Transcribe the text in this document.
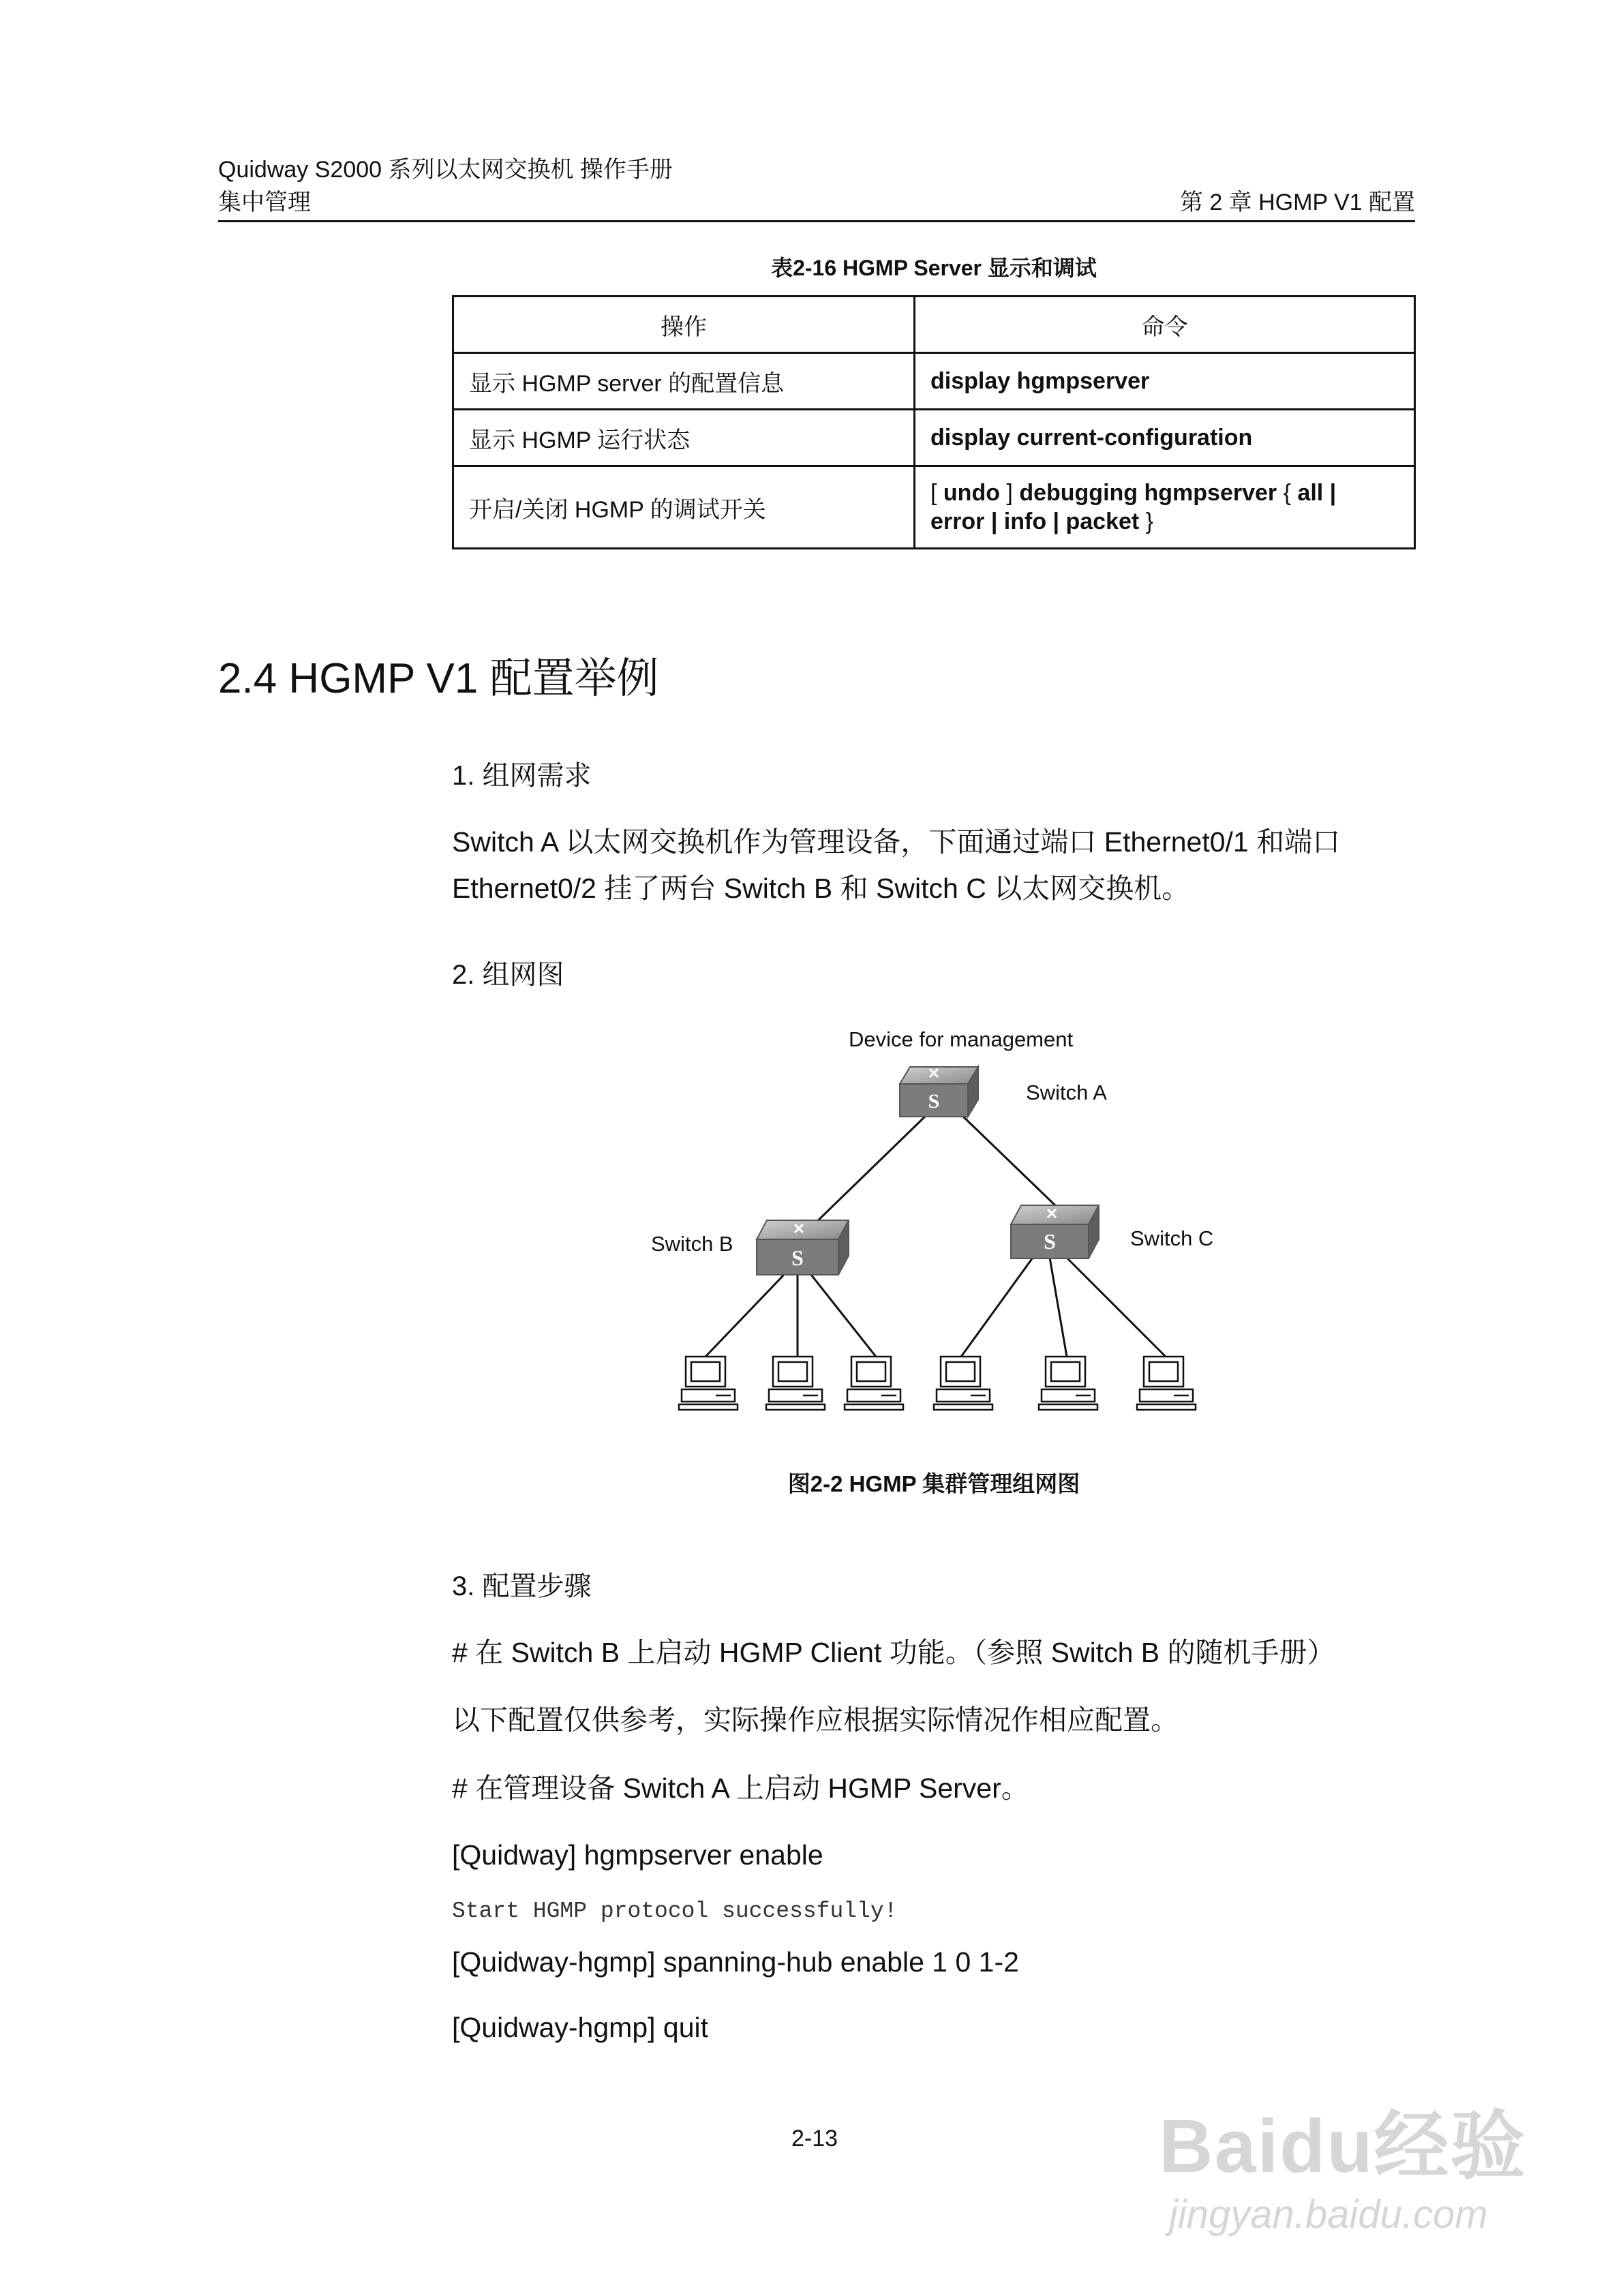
Quidway S2000 系列以太网交换机 操作手册
集中管理	第 2 章 HGMP V1 配置
表2-16 HGMP Server 显示和调试
操作	命令
显示 HGMP server 的配置信息	display hgmpserver
显示 HGMP 运行状态	display current-configuration
开启/关闭 HGMP 的调试开关	[ undo ] debugging hgmpserver { all |
error | info | packet }
2.4 HGMP V1 配置举例
1. 组网需求
Switch A 以太网交换机作为管理设备，下面通过端口 Ethernet0/1 和端口
Ethernet0/2 挂了两台 Switch B 和 Switch C 以太网交换机。
2. 组网图
✕
S
✕
S
✕
S
Device for management
Switch A
Switch B	Switch C
图2-2 HGMP 集群管理组网图
3. 配置步骤
# 在 Switch B 上启动 HGMP Client 功能。（参照 Switch B 的随机手册）
以下配置仅供参考，实际操作应根据实际情况作相应配置。
# 在管理设备 Switch A 上启动 HGMP Server。
[Quidway] hgmpserver enable
Start HGMP protocol successfully!
[Quidway-hgmp] spanning-hub enable 1 0 1-2
[Quidway-hgmp] quit
2-13	Baidu经验
jingyan.baidu.com
